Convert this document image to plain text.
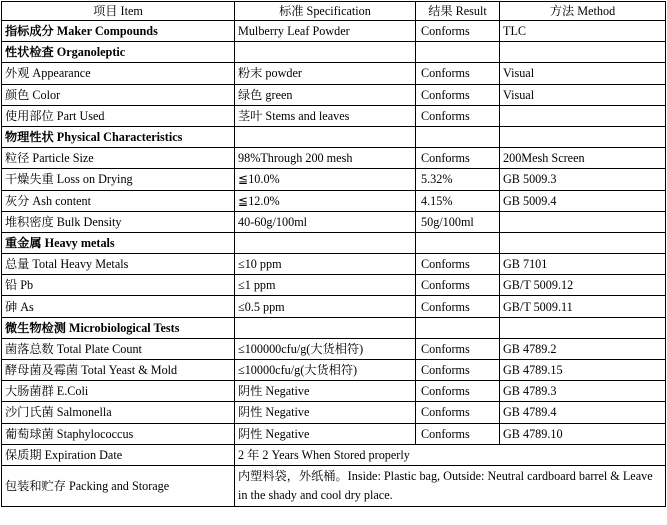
项目 Item	标准 Specification	结果 Result	方法 Method
指标成分 Maker Compounds	Mulberry Leaf Powder	Conforms	TLC
性状检查 Organoleptic			
外观 Appearance	粉末 powder	Conforms	Visual
颜色 Color	绿色 green	Conforms	Visual
使用部位 Part Used	茎叶 Stems and leaves	Conforms	
物理性状 Physical Characteristics			
粒径 Particle Size	98%Through 200 mesh	Conforms	200Mesh Screen
干燥失重 Loss on Drying	≦10.0%	5.32%	GB 5009.3
灰分 Ash content	≦12.0%	4.15%	GB 5009.4
堆积密度 Bulk Density	40-60g/100ml	50g/100ml	
重金属 Heavy metals			
总量 Total Heavy Metals	≤10 ppm	Conforms	GB 7101
铅 Pb	≤1 ppm	Conforms	GB/T 5009.12
砷 As	≤0.5 ppm	Conforms	GB/T 5009.11
微生物检测 Microbiological Tests			
菌落总数 Total Plate Count	≤100000cfu/g(大货相符)	Conforms	GB 4789.2
酵母菌及霉菌 Total Yeast & Mold	≤10000cfu/g(大货相符)	Conforms	GB 4789.15
大肠菌群 E.Coli	阴性 Negative	Conforms	GB 4789.3
沙门氏菌 Salmonella	阴性 Negative	Conforms	GB 4789.4
葡萄球菌 Staphylococcus	阴性 Negative	Conforms	GB 4789.10
保质期 Expiration Date	2 年 2 Years When Stored properly		
包装和贮存 Packing and Storage	内塑料袋，外纸桶。Inside: Plastic bag, Outside: Neutral cardboard barrel & Leave in the shady and cool dry place.		
